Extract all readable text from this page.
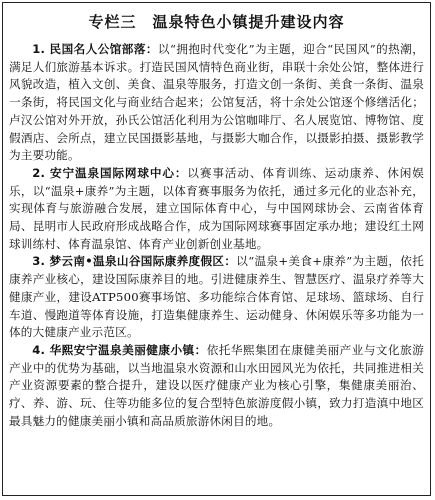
专栏三　温泉特色小镇提升建设内容

1. 民国名人公馆部落：以“拥抱时代变化”为主题，迎合“民国风”的热潮，满足人们旅游基本诉求。打造民国风情特色商业街，串联十余处公馆，整体进行风貌改造，植入文创、美食、温泉等服务，打造文创一条街、美食一条街、温泉一条街，将民国文化与商业结合起来；公馆复活，将十余处公馆逐个修缮活化；卢汉公馆对外开放，孙氏公馆活化利用为公馆咖啡厅、名人展览馆、博物馆、度假酒店、会所点，建立民国摄影基地，与摄影大咖合作，以摄影拍摄、摄影教学为主要功能。

2. 安宁温泉国际网球中心：以赛事活动、体育训练、运动康养、休闲娱乐，以“温泉+康养”为主题，以体育赛事服务为依托，通过多元化的业态补充，实现体育与旅游融合发展，建立国际体育中心，与中国网球协会、云南省体育局、昆明市人民政府形成战略合作，成为国际网球赛事固定承办地；建设红土网球训练村、体育温泉馆、体育产业创新创业基地。

3. 梦云南•温泉山谷国际康养度假区：以“温泉+美食+康养”为主题，依托康养产业核心，建设国际康养目的地。引进健康养生、智慧医疗、温泉疗养等大健康产业，建设ATP500赛事场馆、多功能综合体育馆、足球场、篮球场、自行车道、慢跑道等体育设施，打造集健康养生、运动健身、休闲娱乐等多功能为一体的大健康产业示范区。

4. 华熙安宁温泉美丽健康小镇：依托华熙集团在康健美丽产业与文化旅游产业中的优势为基础，以当地温泉水资源和山水田园风光为依托，共同推进相关产业资源要素的整合提升，建设以医疗健康产业为核心引擎，集健康美丽治、疗、养、游、玩、住等功能多位的复合型特色旅游度假小镇，致力打造滇中地区最具魅力的健康美丽小镇和高品质旅游休闲目的地。
